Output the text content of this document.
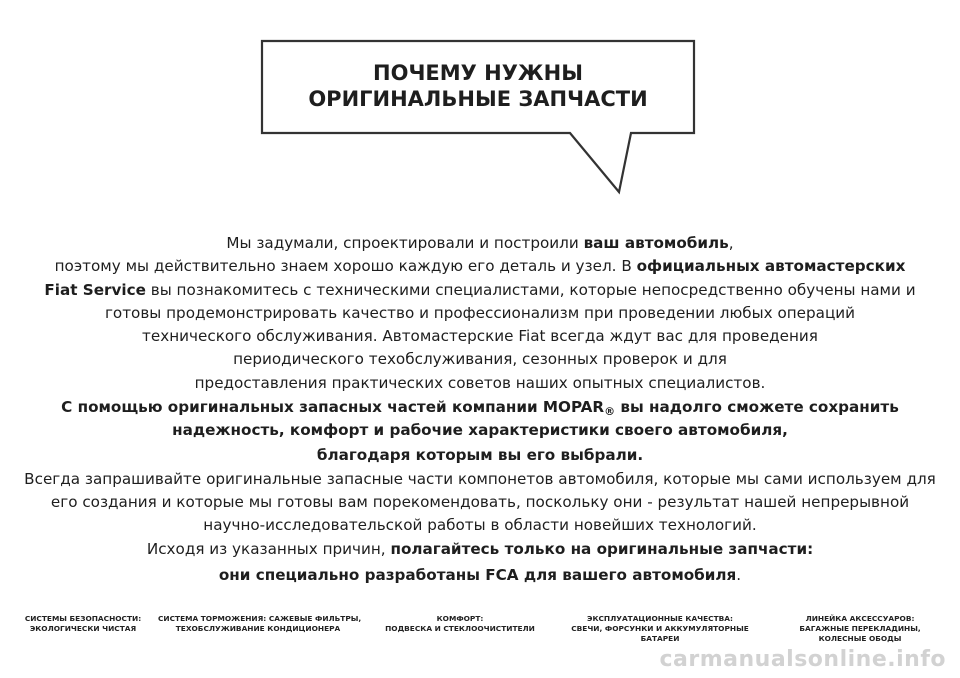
ПОЧЕМУ НУЖНЫ
ОРИГИНАЛЬНЫЕ ЗАПЧАСТИ
Мы задумали, спроектировали и построили ваш автомобиль,
поэтому мы действительно знаем хорошо каждую его деталь и узел. В официальных автомастерских
Fiat Service вы познакомитесь с техническими специалистами, которые непосредственно обучены нами и
готовы продемонстрировать качество и профессионализм при проведении любых операций
технического обслуживания. Автомастерские Fiat всегда ждут вас для проведения
периодического техобслуживания, сезонных проверок и для
предоставления практических советов наших опытных специалистов.
С помощью оригинальных запасных частей компании MOPAR® вы надолго сможете сохранить
надежность, комфорт и рабочие характеристики своего автомобиля,
благодаря которым вы его выбрали.
Всегда запрашивайте оригинальные запасные части компонетов автомобиля, которые мы сами используем для
его создания и которые мы готовы вам порекомендовать, поскольку они - результат нашей непрерывной
научно-исследовательской работы в области новейших технологий.
Исходя из указанных причин, полагайтесь только на оригинальные запчасти:
они специально разработаны FCA для вашего автомобиля.
СИСТЕМЫ БЕЗОПАСНОСТИ:
ЭКОЛОГИЧЕСКИ ЧИСТАЯ
СИСТЕМА ТОРМОЖЕНИЯ: САЖЕВЫЕ ФИЛЬТРЫ,
ТЕХОБСЛУЖИВАНИЕ КОНДИЦИОНЕРА
КОМФОРТ:
ПОДВЕСКА И СТЕКЛООЧИСТИТЕЛИ
ЭКСПЛУАТАЦИОННЫЕ КАЧЕСТВА:
СВЕЧИ, ФОРСУНКИ И АККУМУЛЯТОРНЫЕ
БАТАРЕИ
ЛИНЕЙКА АКСЕССУАРОВ:
БАГАЖНЫЕ ПЕРЕКЛАДИНЫ,
КОЛЕСНЫЕ ОБОДЫ
carmanualsonline.info
